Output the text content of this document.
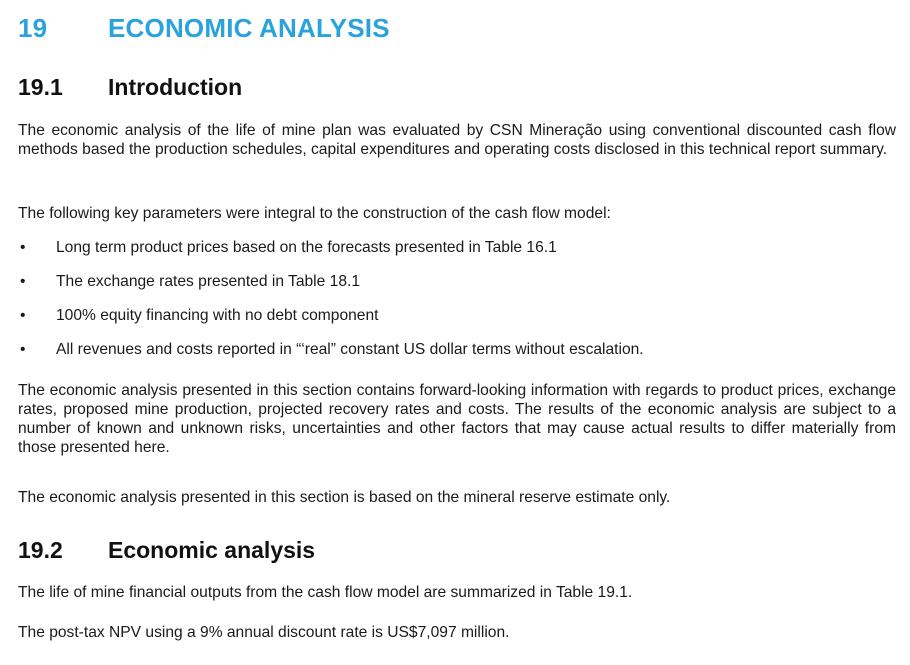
19 ECONOMIC ANALYSIS
19.1 Introduction
The economic analysis of the life of mine plan was evaluated by CSN Mineração using conventional discounted cash flow methods based the production schedules, capital expenditures and operating costs disclosed in this technical report summary.
The following key parameters were integral to the construction of the cash flow model:
• Long term product prices based on the forecasts presented in Table 16.1
• The exchange rates presented in Table 18.1
• 100% equity financing with no debt component
• All revenues and costs reported in “‘real” constant US dollar terms without escalation.
The economic analysis presented in this section contains forward-looking information with regards to product prices, exchange rates, proposed mine production, projected recovery rates and costs. The results of the economic analysis are subject to a number of known and unknown risks, uncertainties and other factors that may cause actual results to differ materially from those presented here.
The economic analysis presented in this section is based on the mineral reserve estimate only.
19.2 Economic analysis
The life of mine financial outputs from the cash flow model are summarized in Table 19.1.
The post-tax NPV using a 9% annual discount rate is US$7,097 million.
